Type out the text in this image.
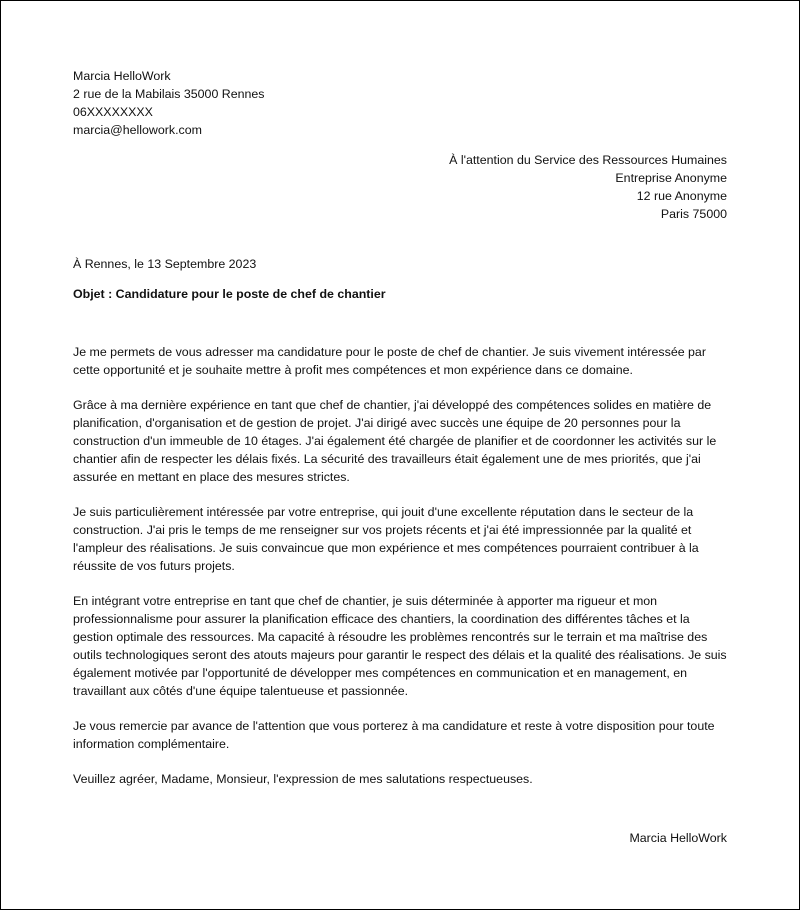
Marcia HelloWork
2 rue de la Mabilais 35000 Rennes
06XXXXXXXX
marcia@hellowork.com
À l'attention du Service des Ressources Humaines
Entreprise Anonyme
12 rue Anonyme
Paris 75000
À Rennes, le 13 Septembre 2023
Objet : Candidature pour le poste de chef de chantier

Je me permets de vous adresser ma candidature pour le poste de chef de chantier. Je suis vivement intéressée par cette opportunité et je souhaite mettre à profit mes compétences et mon expérience dans ce domaine.

Grâce à ma dernière expérience en tant que chef de chantier, j'ai développé des compétences solides en matière de planification, d'organisation et de gestion de projet. J'ai dirigé avec succès une équipe de 20 personnes pour la construction d'un immeuble de 10 étages. J'ai également été chargée de planifier et de coordonner les activités sur le chantier afin de respecter les délais fixés. La sécurité des travailleurs était également une de mes priorités, que j'ai assurée en mettant en place des mesures strictes.

Je suis particulièrement intéressée par votre entreprise, qui jouit d'une excellente réputation dans le secteur de la construction. J'ai pris le temps de me renseigner sur vos projets récents et j'ai été impressionnée par la qualité et l'ampleur des réalisations. Je suis convaincue que mon expérience et mes compétences pourraient contribuer à la réussite de vos futurs projets.

En intégrant votre entreprise en tant que chef de chantier, je suis déterminée à apporter ma rigueur et mon professionnalisme pour assurer la planification efficace des chantiers, la coordination des différentes tâches et la gestion optimale des ressources. Ma capacité à résoudre les problèmes rencontrés sur le terrain et ma maîtrise des outils technologiques seront des atouts majeurs pour garantir le respect des délais et la qualité des réalisations. Je suis également motivée par l'opportunité de développer mes compétences en communication et en management, en travaillant aux côtés d'une équipe talentueuse et passionnée.

Je vous remercie par avance de l'attention que vous porterez à ma candidature et reste à votre disposition pour toute information complémentaire.

Veuillez agréer, Madame, Monsieur, l'expression de mes salutations respectueuses.

Marcia HelloWork
